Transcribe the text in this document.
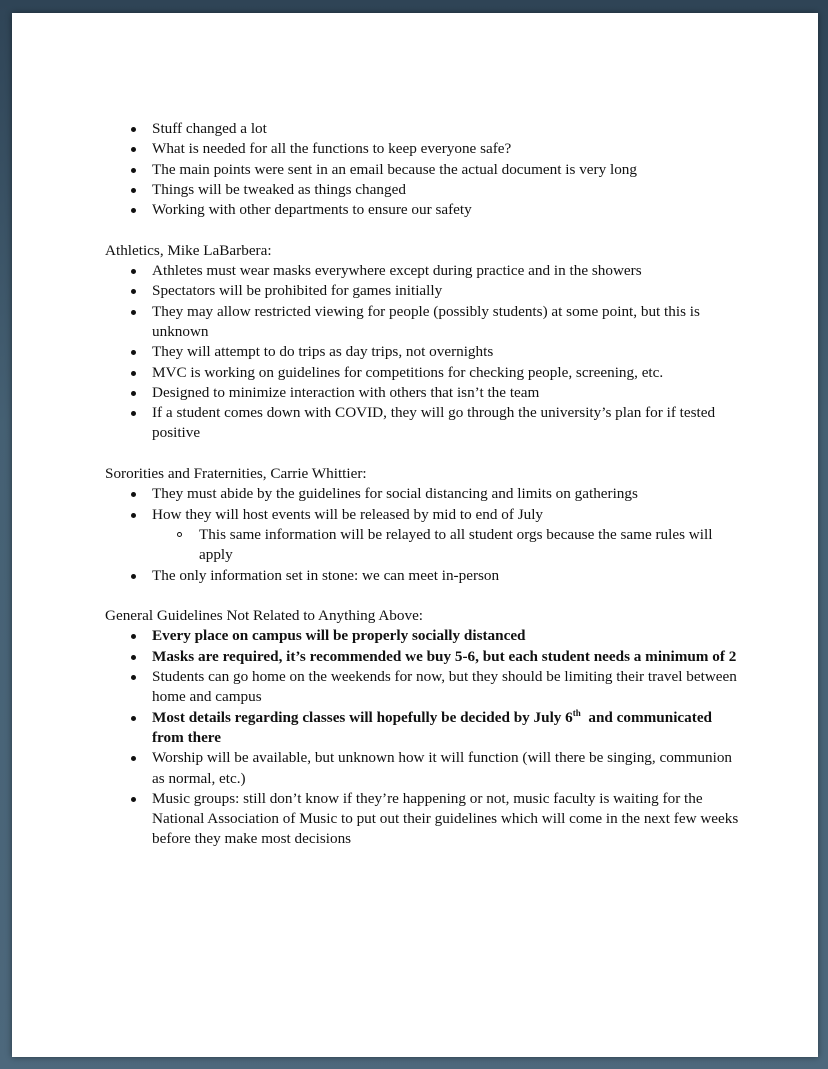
Stuff changed a lot
What is needed for all the functions to keep everyone safe?
The main points were sent in an email because the actual document is very long
Things will be tweaked as things changed
Working with other departments to ensure our safety

Athletics, Mike LaBarbera:

Athletes must wear masks everywhere except during practice and in the showers
Spectators will be prohibited for games initially
They may allow restricted viewing for people (possibly students) at some point, but this is unknown
They will attempt to do trips as day trips, not overnights
MVC is working on guidelines for competitions for checking people, screening, etc.
Designed to minimize interaction with others that isn’t the team
If a student comes down with COVID, they will go through the university’s plan for if tested positive

Sororities and Fraternities, Carrie Whittier:

They must abide by the guidelines for social distancing and limits on gatherings
How they will host events will be released by mid to end of July
This same information will be relayed to all student orgs because the same rules will apply
The only information set in stone: we can meet in-person

General Guidelines Not Related to Anything Above:

Every place on campus will be properly socially distanced
Masks are required, it’s recommended we buy 5-6, but each student needs a minimum of 2
Students can go home on the weekends for now, but they should be limiting their travel between home and campus
Most details regarding classes will hopefully be decided by July 6th  and communicated from there
Worship will be available, but unknown how it will function (will there be singing, communion as normal, etc.)
Music groups: still don’t know if they’re happening or not, music faculty is waiting for the National Association of Music to put out their guidelines which will come in the next few weeks before they make most decisions
